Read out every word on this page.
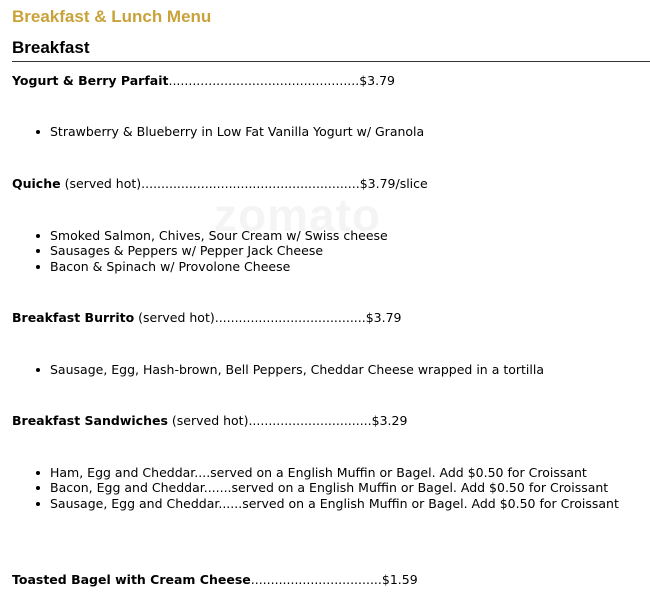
Breakfast & Lunch Menu
Breakfast
Yogurt & Berry Parfait................................................$3.79
Strawberry & Blueberry in Low Fat Vanilla Yogurt w/ Granola
Quiche (served hot).......................................................$3.79/slice
Smoked Salmon, Chives, Sour Cream w/ Swiss cheese
Sausages & Peppers w/ Pepper Jack Cheese
Bacon & Spinach w/ Provolone Cheese
Breakfast Burrito (served hot)......................................$3.79
Sausage, Egg, Hash-brown, Bell Peppers, Cheddar Cheese wrapped in a tortilla
Breakfast Sandwiches (served hot)...............................$3.29
Ham, Egg and Cheddar....served on a English Muffin or Bagel. Add $0.50 for Croissant
Bacon, Egg and Cheddar.......served on a English Muffin or Bagel. Add $0.50 for Croissant
Sausage, Egg and Cheddar......served on a English Muffin or Bagel. Add $0.50 for Croissant
Toasted Bagel with Cream Cheese.................................$1.59
